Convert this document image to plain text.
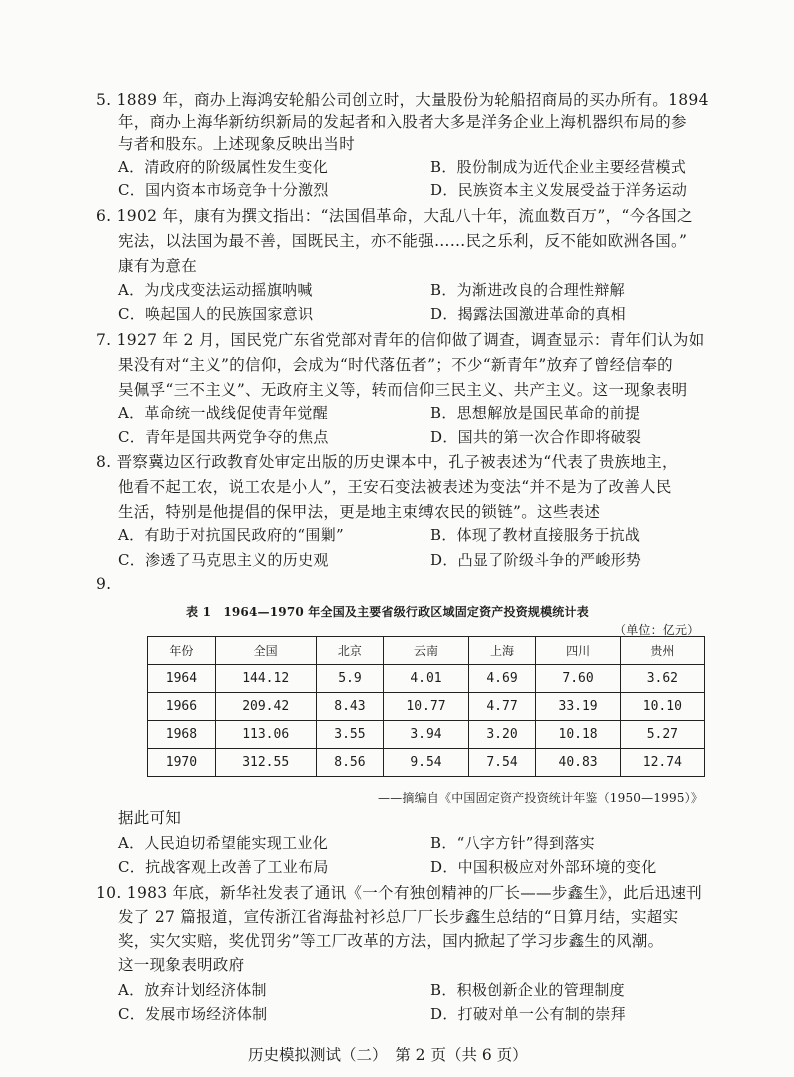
5. 1889 年，商办上海鸿安轮船公司创立时，大量股份为轮船招商局的买办所有。1894
年，商办上海华新纺织新局的发起者和入股者大多是洋务企业上海机器织布局的参
与者和股东。上述现象反映出当时
A．清政府的阶级属性发生变化	B．股份制成为近代企业主要经营模式
C．国内资本市场竞争十分激烈	D．民族资本主义发展受益于洋务运动
6. 1902 年，康有为撰文指出：“法国倡革命，大乱八十年，流血数百万”，“今各国之
宪法，以法国为最不善，国既民主，亦不能强……民之乐利，反不能如欧洲各国。”
康有为意在
A．为戊戌变法运动摇旗呐喊	B．为渐进改良的合理性辩解
C．唤起国人的民族国家意识	D．揭露法国激进革命的真相
7. 1927 年 2 月，国民党广东省党部对青年的信仰做了调查，调查显示：青年们认为如
果没有对“主义”的信仰，会成为“时代落伍者”；不少“新青年”放弃了曾经信奉的
吴佩孚“三不主义”、无政府主义等，转而信仰三民主义、共产主义。这一现象表明
A．革命统一战线促使青年觉醒	B．思想解放是国民革命的前提
C．青年是国共两党争夺的焦点	D．国共的第一次合作即将破裂
8. 晋察冀边区行政教育处审定出版的历史课本中，孔子被表述为“代表了贵族地主，
他看不起工农，说工农是小人”，王安石变法被表述为变法“并不是为了改善人民
生活，特别是他提倡的保甲法，更是地主束缚农民的锁链”。这些表述
A．有助于对抗国民政府的“围剿”	B．体现了教材直接服务于抗战
C．渗透了马克思主义的历史观	D．凸显了阶级斗争的严峻形势
9.
表 1　1964—1970 年全国及主要省级行政区域固定资产投资规模统计表
（单位：亿元）
年份	全国	北京	云南	上海	四川	贵州
1964	144.12	5.9	4.01	4.69	7.60	3.62
1966	209.42	8.43	10.77	4.77	33.19	10.10
1968	113.06	3.55	3.94	3.20	10.18	5.27
1970	312.55	8.56	9.54	7.54	40.83	12.74
——摘编自《中国固定资产投资统计年鉴（1950—1995）》
据此可知
A．人民迫切希望能实现工业化	B．“八字方针”得到落实
C．抗战客观上改善了工业布局	D．中国积极应对外部环境的变化
10. 1983 年底，新华社发表了通讯《一个有独创精神的厂长——步鑫生》，此后迅速刊
发了 27 篇报道，宣传浙江省海盐衬衫总厂厂长步鑫生总结的“日算月结，实超实
奖，实欠实赔，奖优罚劣”等工厂改革的方法，国内掀起了学习步鑫生的风潮。
这一现象表明政府
A．放弃计划经济体制	B．积极创新企业的管理制度
C．发展市场经济体制	D．打破对单一公有制的崇拜
历史模拟测试（二）　第 2 页（共 6 页）
